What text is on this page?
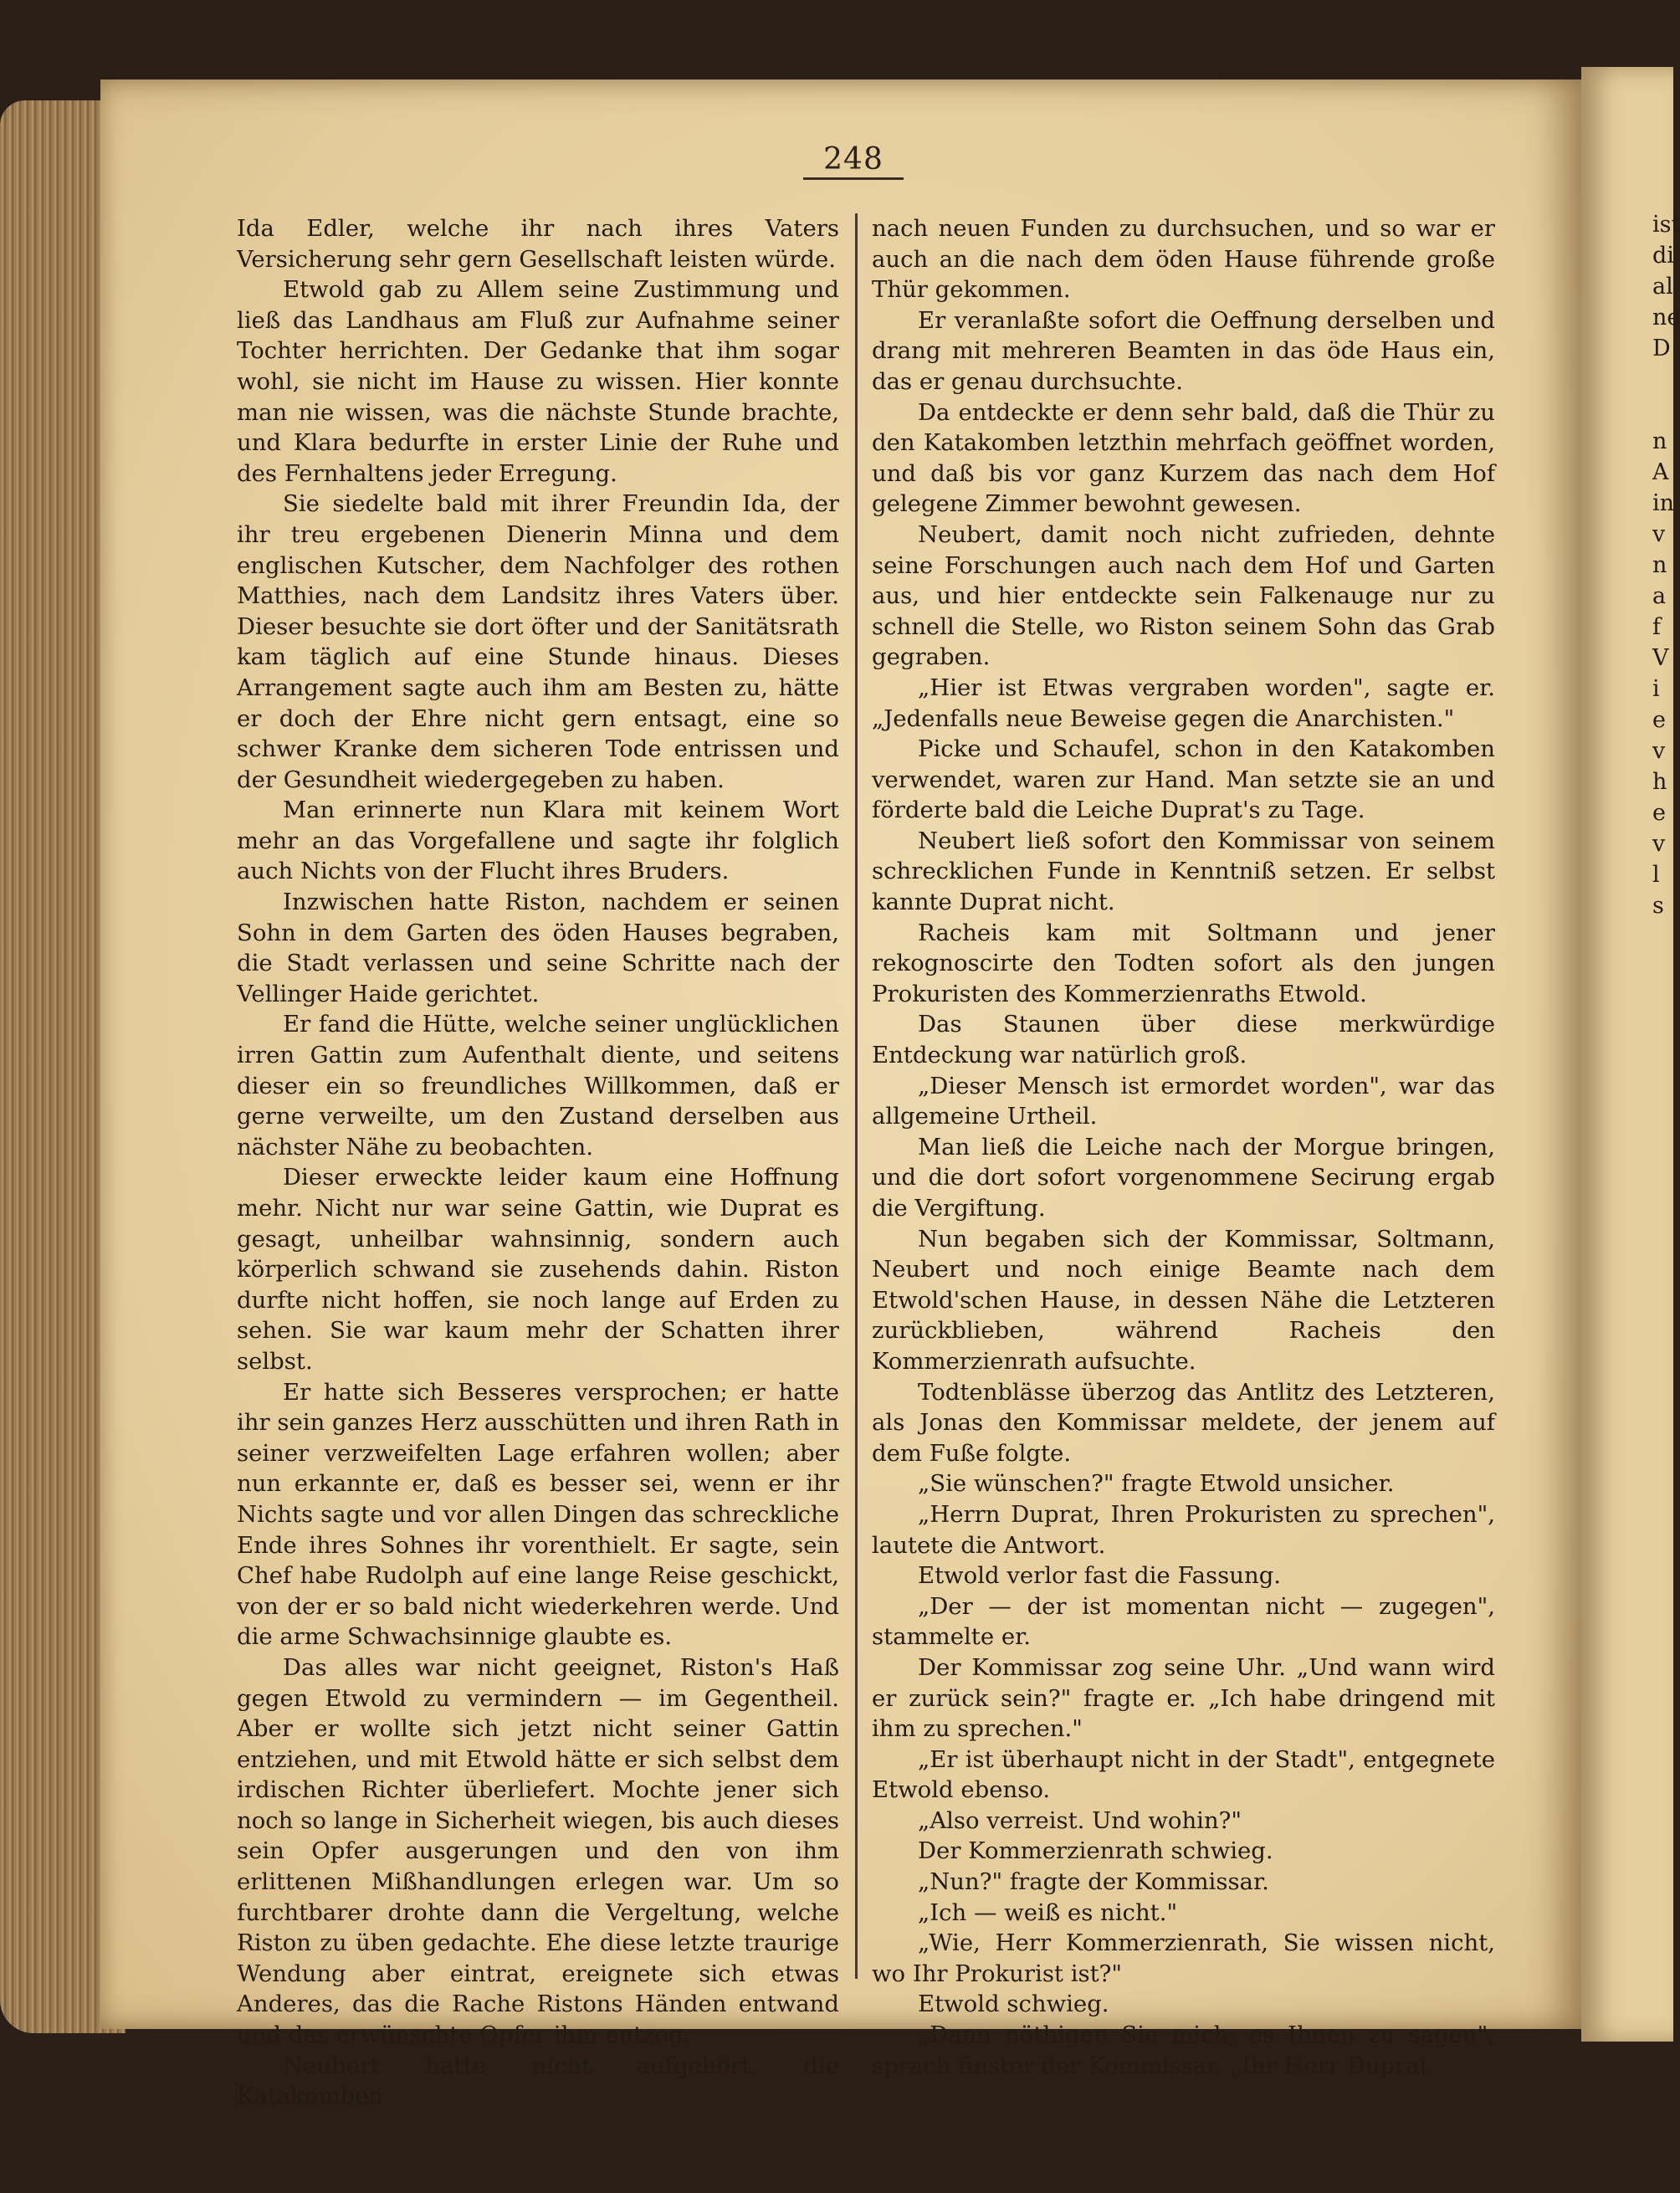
248

Ida Edler, welche ihr nach ihres Vaters Versicherung sehr gern Gesellschaft leisten würde.

Etwold gab zu Allem seine Zustimmung und ließ das Landhaus am Fluß zur Aufnahme seiner Tochter herrichten. Der Gedanke that ihm sogar wohl, sie nicht im Hause zu wissen. Hier konnte man nie wissen, was die nächste Stunde brachte, und Klara bedurfte in erster Linie der Ruhe und des Fernhaltens jeder Erregung.

Sie siedelte bald mit ihrer Freundin Ida, der ihr treu ergebenen Dienerin Minna und dem englischen Kutscher, dem Nachfolger des rothen Matthies, nach dem Landsitz ihres Vaters über. Dieser besuchte sie dort öfter und der Sanitätsrath kam täglich auf eine Stunde hinaus. Dieses Arrangement sagte auch ihm am Besten zu, hätte er doch der Ehre nicht gern entsagt, eine so schwer Kranke dem sicheren Tode entrissen und der Gesundheit wiedergegeben zu haben.

Man erinnerte nun Klara mit keinem Wort mehr an das Vorgefallene und sagte ihr folglich auch Nichts von der Flucht ihres Bruders.

Inzwischen hatte Riston, nachdem er seinen Sohn in dem Garten des öden Hauses begraben, die Stadt verlassen und seine Schritte nach der Vellinger Haide gerichtet.

Er fand die Hütte, welche seiner unglücklichen irren Gattin zum Aufenthalt diente, und seitens dieser ein so freundliches Willkommen, daß er gerne verweilte, um den Zustand derselben aus nächster Nähe zu beobachten.

Dieser erweckte leider kaum eine Hoffnung mehr. Nicht nur war seine Gattin, wie Duprat es gesagt, unheilbar wahnsinnig, sondern auch körperlich schwand sie zusehends dahin. Riston durfte nicht hoffen, sie noch lange auf Erden zu sehen. Sie war kaum mehr der Schatten ihrer selbst.

Er hatte sich Besseres versprochen; er hatte ihr sein ganzes Herz ausschütten und ihren Rath in seiner verzweifelten Lage erfahren wollen; aber nun erkannte er, daß es besser sei, wenn er ihr Nichts sagte und vor allen Dingen das schreckliche Ende ihres Sohnes ihr vorenthielt. Er sagte, sein Chef habe Rudolph auf eine lange Reise geschickt, von der er so bald nicht wiederkehren werde. Und die arme Schwachsinnige glaubte es.

Das alles war nicht geeignet, Riston's Haß gegen Etwold zu vermindern — im Gegentheil. Aber er wollte sich jetzt nicht seiner Gattin entziehen, und mit Etwold hätte er sich selbst dem irdischen Richter überliefert. Mochte jener sich noch so lange in Sicherheit wiegen, bis auch dieses sein Opfer ausgerungen und den von ihm erlittenen Mißhandlungen erlegen war. Um so furchtbarer drohte dann die Vergeltung, welche Riston zu üben gedachte. Ehe diese letzte traurige Wendung aber eintrat, ereignete sich etwas Anderes, das die Rache Ristons Händen entwand und das erwünschte Opfer ihm entzog.

Neubert hatte nicht aufgehört, die Katakomben

nach neuen Funden zu durchsuchen, und so war er auch an die nach dem öden Hause führende große Thür gekommen.

Er veranlaßte sofort die Oeffnung derselben und drang mit mehreren Beamten in das öde Haus ein, das er genau durchsuchte.

Da entdeckte er denn sehr bald, daß die Thür zu den Katakomben letzthin mehrfach geöffnet worden, und daß bis vor ganz Kurzem das nach dem Hof gelegene Zimmer bewohnt gewesen.

Neubert, damit noch nicht zufrieden, dehnte seine Forschungen auch nach dem Hof und Garten aus, und hier entdeckte sein Falkenauge nur zu schnell die Stelle, wo Riston seinem Sohn das Grab gegraben.

„Hier ist Etwas vergraben worden", sagte er. „Jedenfalls neue Beweise gegen die Anarchisten."

Picke und Schaufel, schon in den Katakomben verwendet, waren zur Hand. Man setzte sie an und förderte bald die Leiche Duprat's zu Tage.

Neubert ließ sofort den Kommissar von seinem schrecklichen Funde in Kenntniß setzen. Er selbst kannte Duprat nicht.

Racheis kam mit Soltmann und jener rekognoscirte den Todten sofort als den jungen Prokuristen des Kommerzienraths Etwold.

Das Staunen über diese merkwürdige Entdeckung war natürlich groß.

„Dieser Mensch ist ermordet worden", war das allgemeine Urtheil.

Man ließ die Leiche nach der Morgue bringen, und die dort sofort vorgenommene Secirung ergab die Vergiftung.

Nun begaben sich der Kommissar, Soltmann, Neubert und noch einige Beamte nach dem Etwold'schen Hause, in dessen Nähe die Letzteren zurückblieben, während Racheis den Kommerzienrath aufsuchte.

Todtenblässe überzog das Antlitz des Letzteren, als Jonas den Kommissar meldete, der jenem auf dem Fuße folgte.

„Sie wünschen?" fragte Etwold unsicher.

„Herrn Duprat, Ihren Prokuristen zu sprechen", lautete die Antwort.

Etwold verlor fast die Fassung.

„Der — der ist momentan nicht — zugegen", stammelte er.

Der Kommissar zog seine Uhr. „Und wann wird er zurück sein?" fragte er. „Ich habe dringend mit ihm zu sprechen."

„Er ist überhaupt nicht in der Stadt", entgegnete Etwold ebenso.

„Also verreist. Und wohin?"

Der Kommerzienrath schwieg.

„Nun?" fragte der Kommissar.

„Ich — weiß es nicht."

„Wie, Herr Kommerzienrath, Sie wissen nicht, wo Ihr Prokurist ist?"

Etwold schwieg.

„Dann nöthigen Sie mich, es Ihnen zu sagen", sprach finster der Kommissar. „Ihr Herr Duprat

ist
di
al
ne
D
n
A
in
v
n
a
f
V
i
e
v
h
e
v
l
s
